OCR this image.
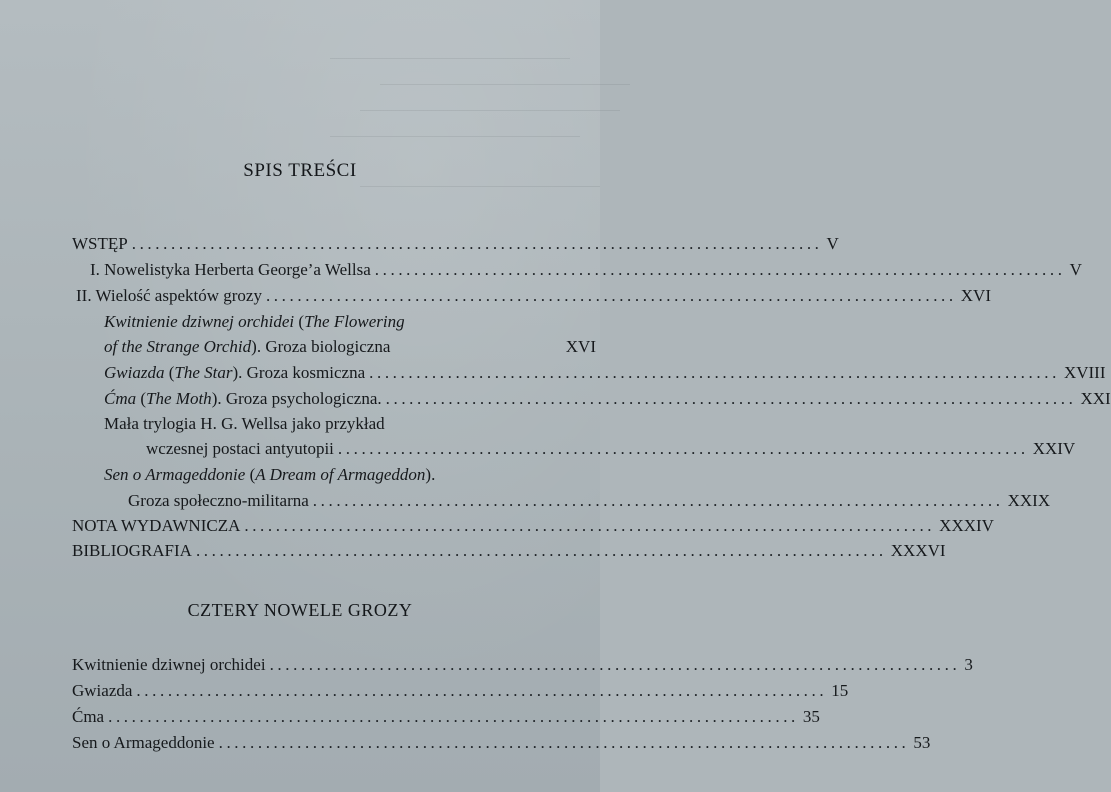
SPIS TREŚCI
WSTĘP ........................................................................................ V
I. Nowelistyka Herberta George’a Wellsa ........................................................................................ V
II. Wielość aspektów grozy ........................................................................................ XVI
Kwitnienie dziwnej orchidei (The Flowering
of the Strange Orchid). Groza biologiczna	XVI
Gwiazda (The Star). Groza kosmiczna ........................................................................................ XVIII
Ćma (The Moth). Groza psychologiczna. ........................................................................................ XXI
Mała trylogia H. G. Wellsa jako przykład
wczesnej postaci antyutopii ........................................................................................ XXIV
Sen o Armageddonie (A Dream of Armageddon).
Groza społeczno-militarna ........................................................................................ XXIX
NOTA WYDAWNICZA ........................................................................................ XXXIV
BIBLIOGRAFIA ........................................................................................ XXXVI
CZTERY NOWELE GROZY
Kwitnienie dziwnej orchidei ........................................................................................ 3
Gwiazda ........................................................................................ 15
Ćma ........................................................................................ 35
Sen o Armageddonie ........................................................................................ 53
